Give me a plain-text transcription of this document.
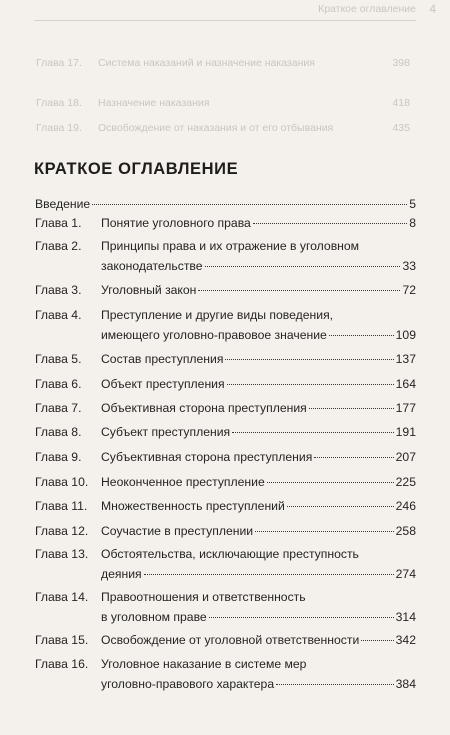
Краткое оглавление 4
Глава 17. Система наказаний и назначение наказания	398
Глава 18. Назначение наказания	418
Глава 19. Освобождение от наказания и от его отбывания	435
КРАТКОЕ ОГЛАВЛЕНИЕ
Введение	5
Глава 1. Понятие уголовного права	8
Глава 2. Принципы права и их отражение в уголовном
законодательстве	33
Глава 3. Уголовный закон	72
Глава 4. Преступление и другие виды поведения,
имеющего уголовно-правовое значение	109
Глава 5. Состав преступления	137
Глава 6. Объект преступления	164
Глава 7. Объективная сторона преступления	177
Глава 8. Субъект преступления	191
Глава 9. Субъективная сторона преступления	207
Глава 10. Неоконченное преступление	225
Глава 11. Множественность преступлений	246
Глава 12. Соучастие в преступлении	258
Глава 13. Обстоятельства, исключающие преступность
деяния	274
Глава 14. Правоотношения и ответственность
в уголовном праве	314
Глава 15. Освобождение от уголовной ответственности	342
Глава 16. Уголовное наказание в системе мер
уголовно-правового характера	384
